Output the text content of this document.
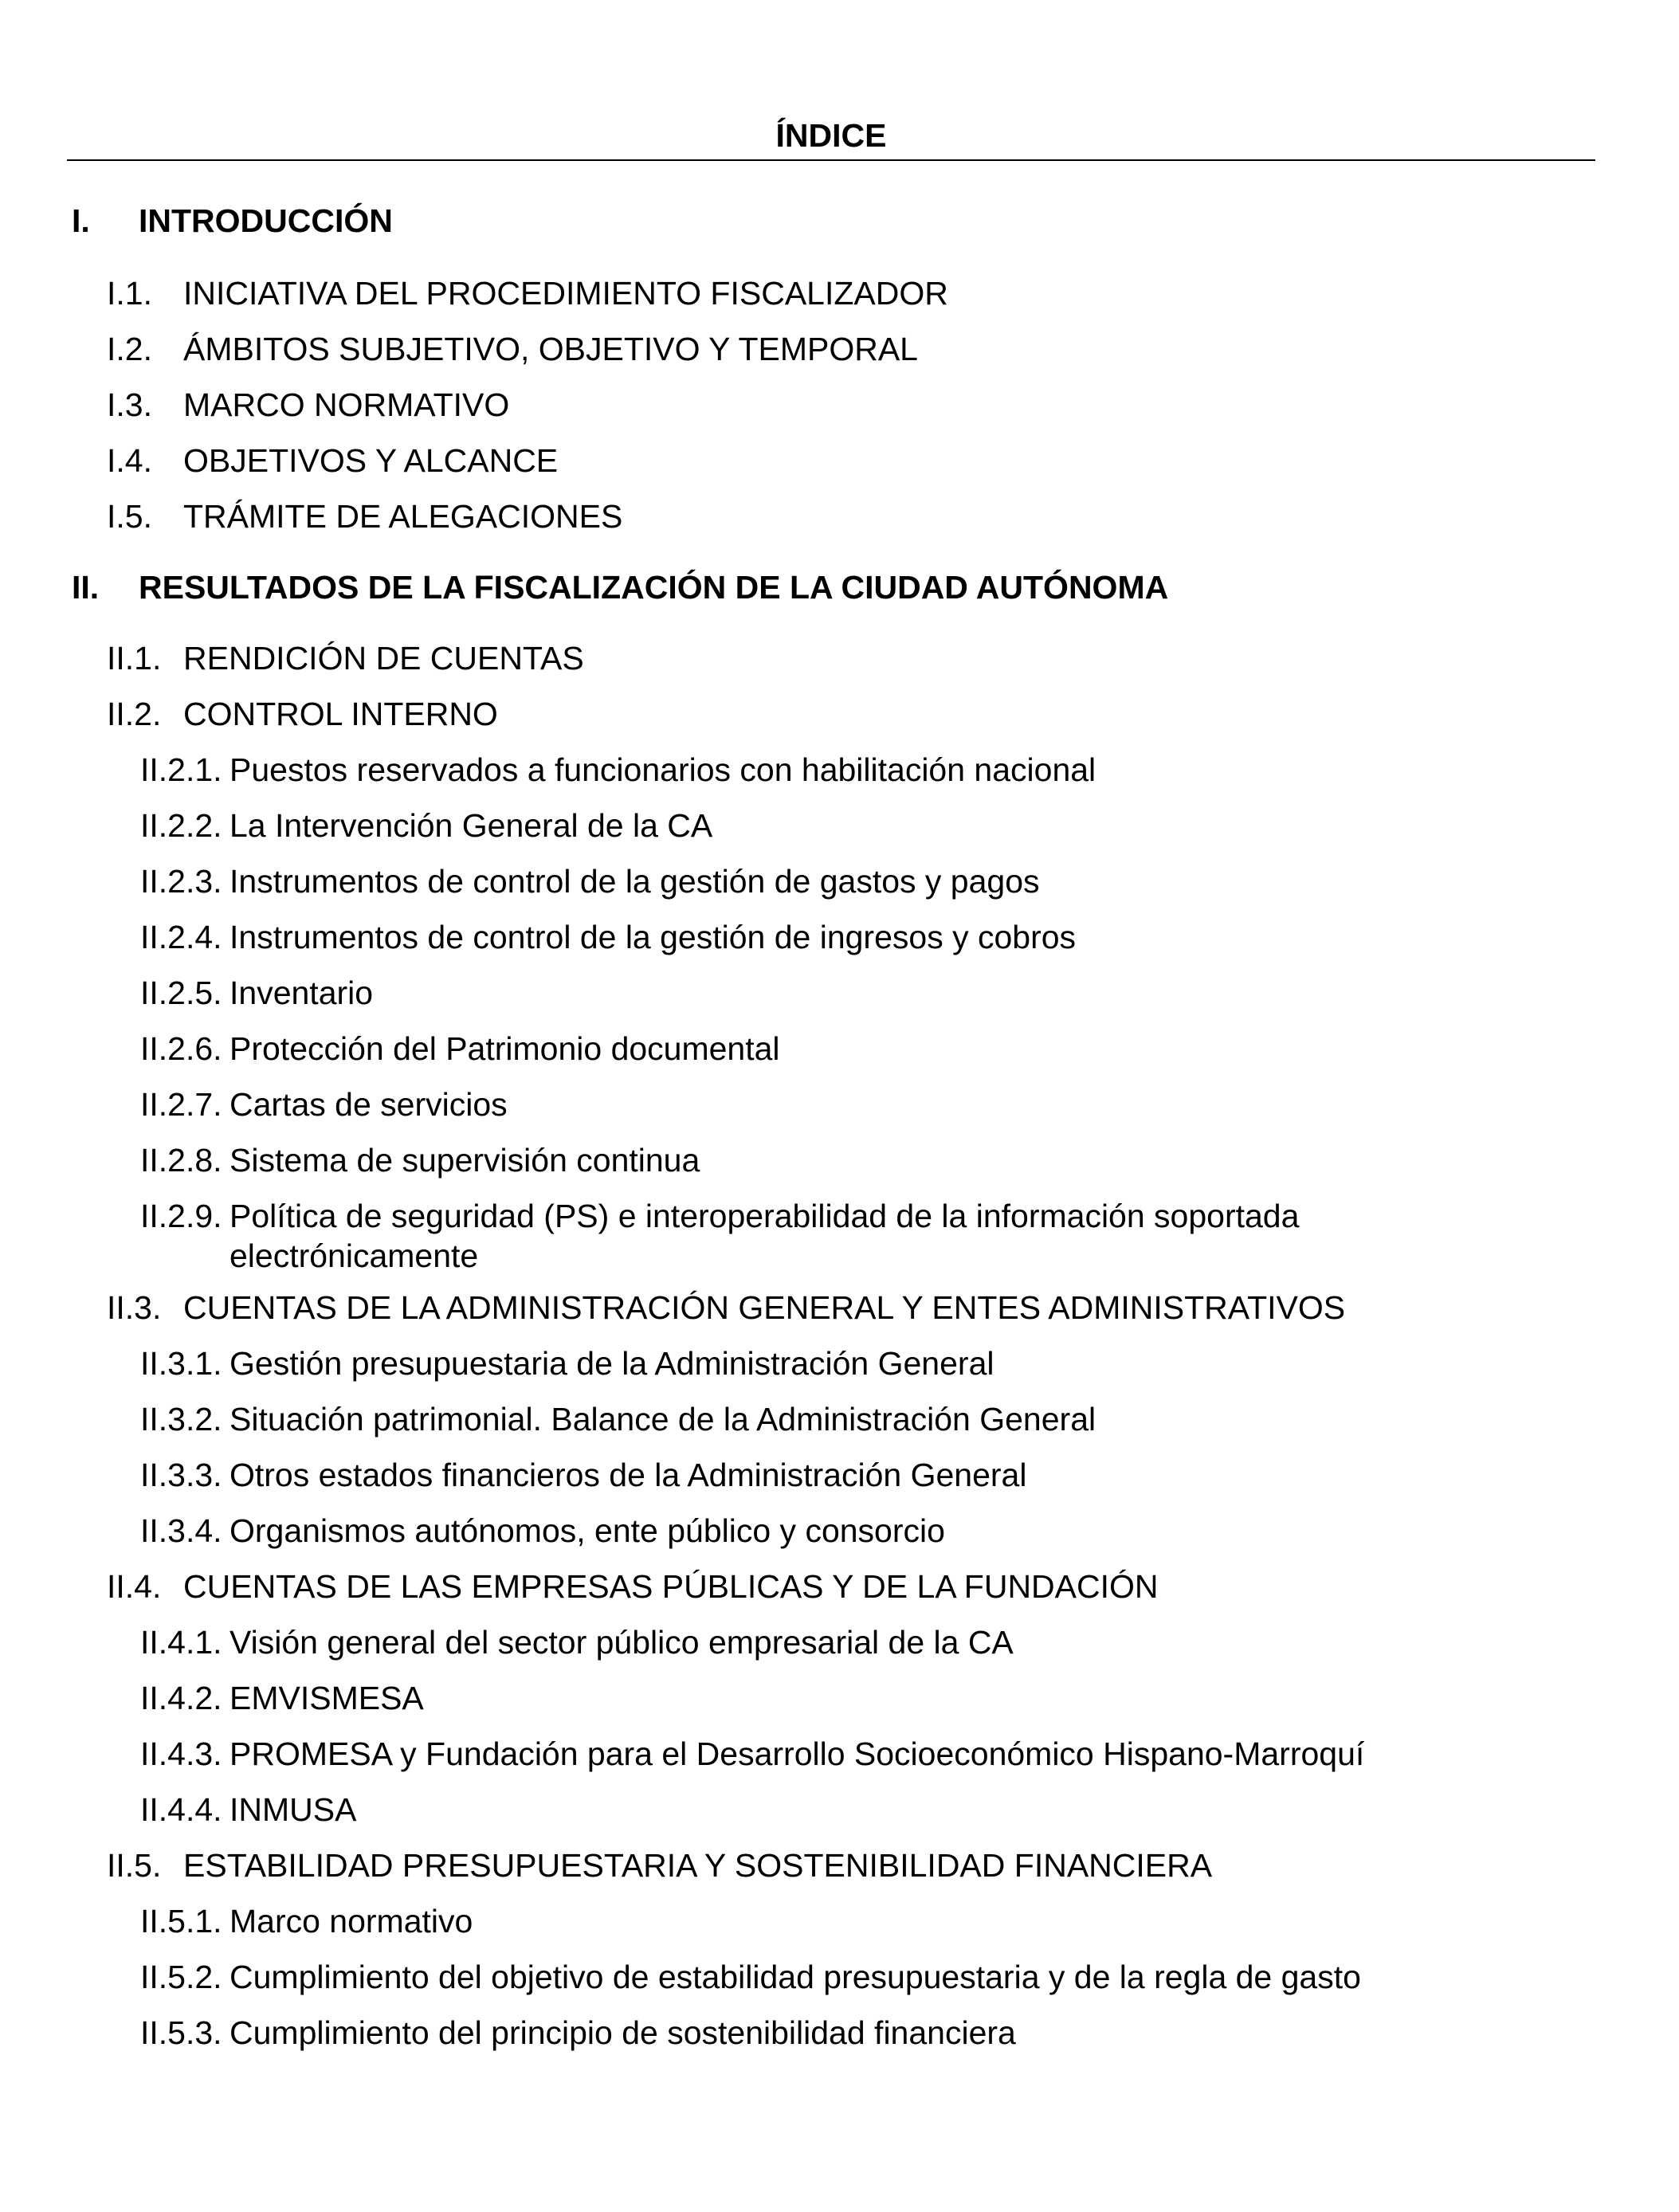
ÍNDICE
I. INTRODUCCIÓN
I.1. INICIATIVA DEL PROCEDIMIENTO FISCALIZADOR
I.2. ÁMBITOS SUBJETIVO, OBJETIVO Y TEMPORAL
I.3. MARCO NORMATIVO
I.4. OBJETIVOS Y ALCANCE
I.5. TRÁMITE DE ALEGACIONES
II. RESULTADOS DE LA FISCALIZACIÓN DE LA CIUDAD AUTÓNOMA
II.1. RENDICIÓN DE CUENTAS
II.2. CONTROL INTERNO
II.2.1. Puestos reservados a funcionarios con habilitación nacional
II.2.2. La Intervención General de la CA
II.2.3. Instrumentos de control de la gestión de gastos y pagos
II.2.4. Instrumentos de control de la gestión de ingresos y cobros
II.2.5. Inventario
II.2.6. Protección del Patrimonio documental
II.2.7. Cartas de servicios
II.2.8. Sistema de supervisión continua
II.2.9. Política de seguridad (PS) e interoperabilidad de la información soportada electrónicamente
II.3. CUENTAS DE LA ADMINISTRACIÓN GENERAL Y ENTES ADMINISTRATIVOS
II.3.1. Gestión presupuestaria de la Administración General
II.3.2. Situación patrimonial. Balance de la Administración General
II.3.3. Otros estados financieros de la Administración General
II.3.4. Organismos autónomos, ente público y consorcio
II.4. CUENTAS DE LAS EMPRESAS PÚBLICAS Y DE LA FUNDACIÓN
II.4.1. Visión general del sector público empresarial de la CA
II.4.2. EMVISMESA
II.4.3. PROMESA y Fundación para el Desarrollo Socioeconómico Hispano-Marroquí
II.4.4. INMUSA
II.5. ESTABILIDAD PRESUPUESTARIA Y SOSTENIBILIDAD FINANCIERA
II.5.1. Marco normativo
II.5.2. Cumplimiento del objetivo de estabilidad presupuestaria y de la regla de gasto
II.5.3. Cumplimiento del principio de sostenibilidad financiera
